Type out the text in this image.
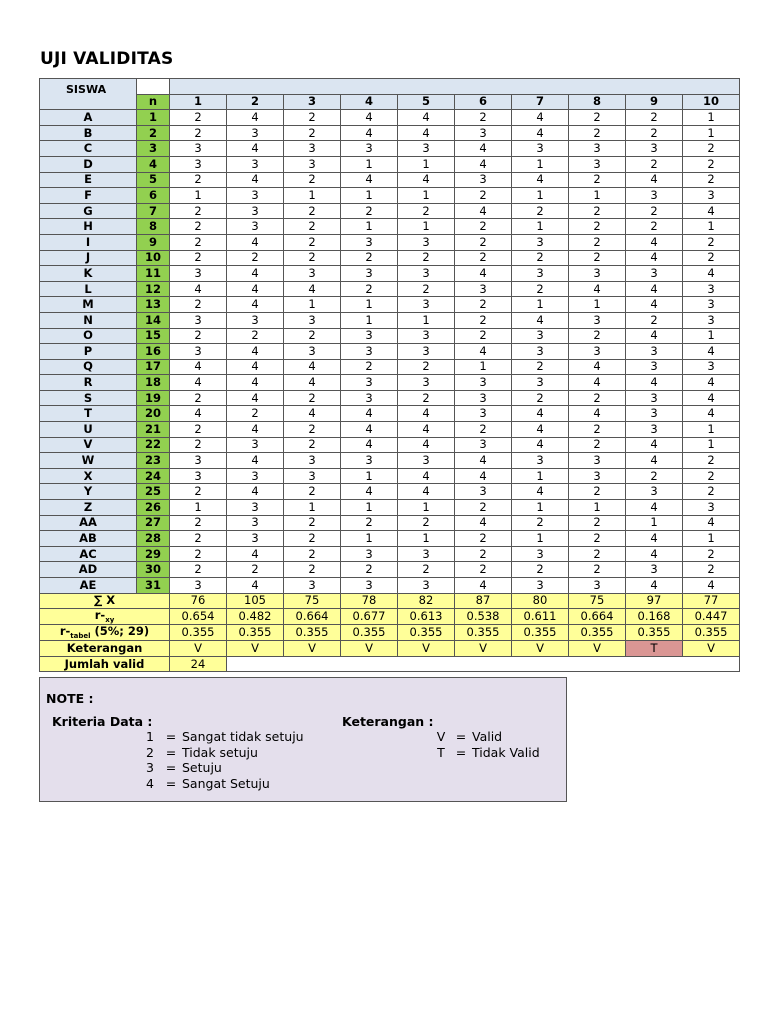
UJI VALIDITAS
SISWA											
	n	1	2	3	4	5	6	7	8	9	10
A	1	2	4	2	4	4	2	4	2	2	1
B	2	2	3	2	4	4	3	4	2	2	1
C	3	3	4	3	3	3	4	3	3	3	2
D	4	3	3	3	1	1	4	1	3	2	2
E	5	2	4	2	4	4	3	4	2	4	2
F	6	1	3	1	1	1	2	1	1	3	3
G	7	2	3	2	2	2	4	2	2	2	4
H	8	2	3	2	1	1	2	1	2	2	1
I	9	2	4	2	3	3	2	3	2	4	2
J	10	2	2	2	2	2	2	2	2	4	2
K	11	3	4	3	3	3	4	3	3	3	4
L	12	4	4	4	2	2	3	2	4	4	3
M	13	2	4	1	1	3	2	1	1	4	3
N	14	3	3	3	1	1	2	4	3	2	3
O	15	2	2	2	3	3	2	3	2	4	1
P	16	3	4	3	3	3	4	3	3	3	4
Q	17	4	4	4	2	2	1	2	4	3	3
R	18	4	4	4	3	3	3	3	4	4	4
S	19	2	4	2	3	2	3	2	2	3	4
T	20	4	2	4	4	4	3	4	4	3	4
U	21	2	4	2	4	4	2	4	2	3	1
V	22	2	3	2	4	4	3	4	2	4	1
W	23	3	4	3	3	3	4	3	3	4	2
X	24	3	3	3	1	4	4	1	3	2	2
Y	25	2	4	2	4	4	3	4	2	3	2
Z	26	1	3	1	1	1	2	1	1	4	3
AA	27	2	3	2	2	2	4	2	2	1	4
AB	28	2	3	2	1	1	2	1	2	4	1
AC	29	2	4	2	3	3	2	3	2	4	2
AD	30	2	2	2	2	2	2	2	2	3	2
AE	31	3	4	3	3	3	4	3	3	4	4
∑ X		76	105	75	78	82	87	80	75	97	77
$r-_{xy}$		0.654	0.482	0.664	0.677	0.613	0.538	0.611	0.664	0.168	0.447
$r-_{tabel}$ (5%; 29)		0.355	0.355	0.355	0.355	0.355	0.355	0.355	0.355	0.355	0.355
Keterangan		V	V	V	V	V	V	V	V	T	V
Jumlah valid		24									
NOTE :
Kriteria Data :	Keterangan :
1 = Sangat tidak setuju
2 = Tidak setuju
3 = Setuju
4 = Sangat Setuju
V = Valid
T = Tidak Valid
